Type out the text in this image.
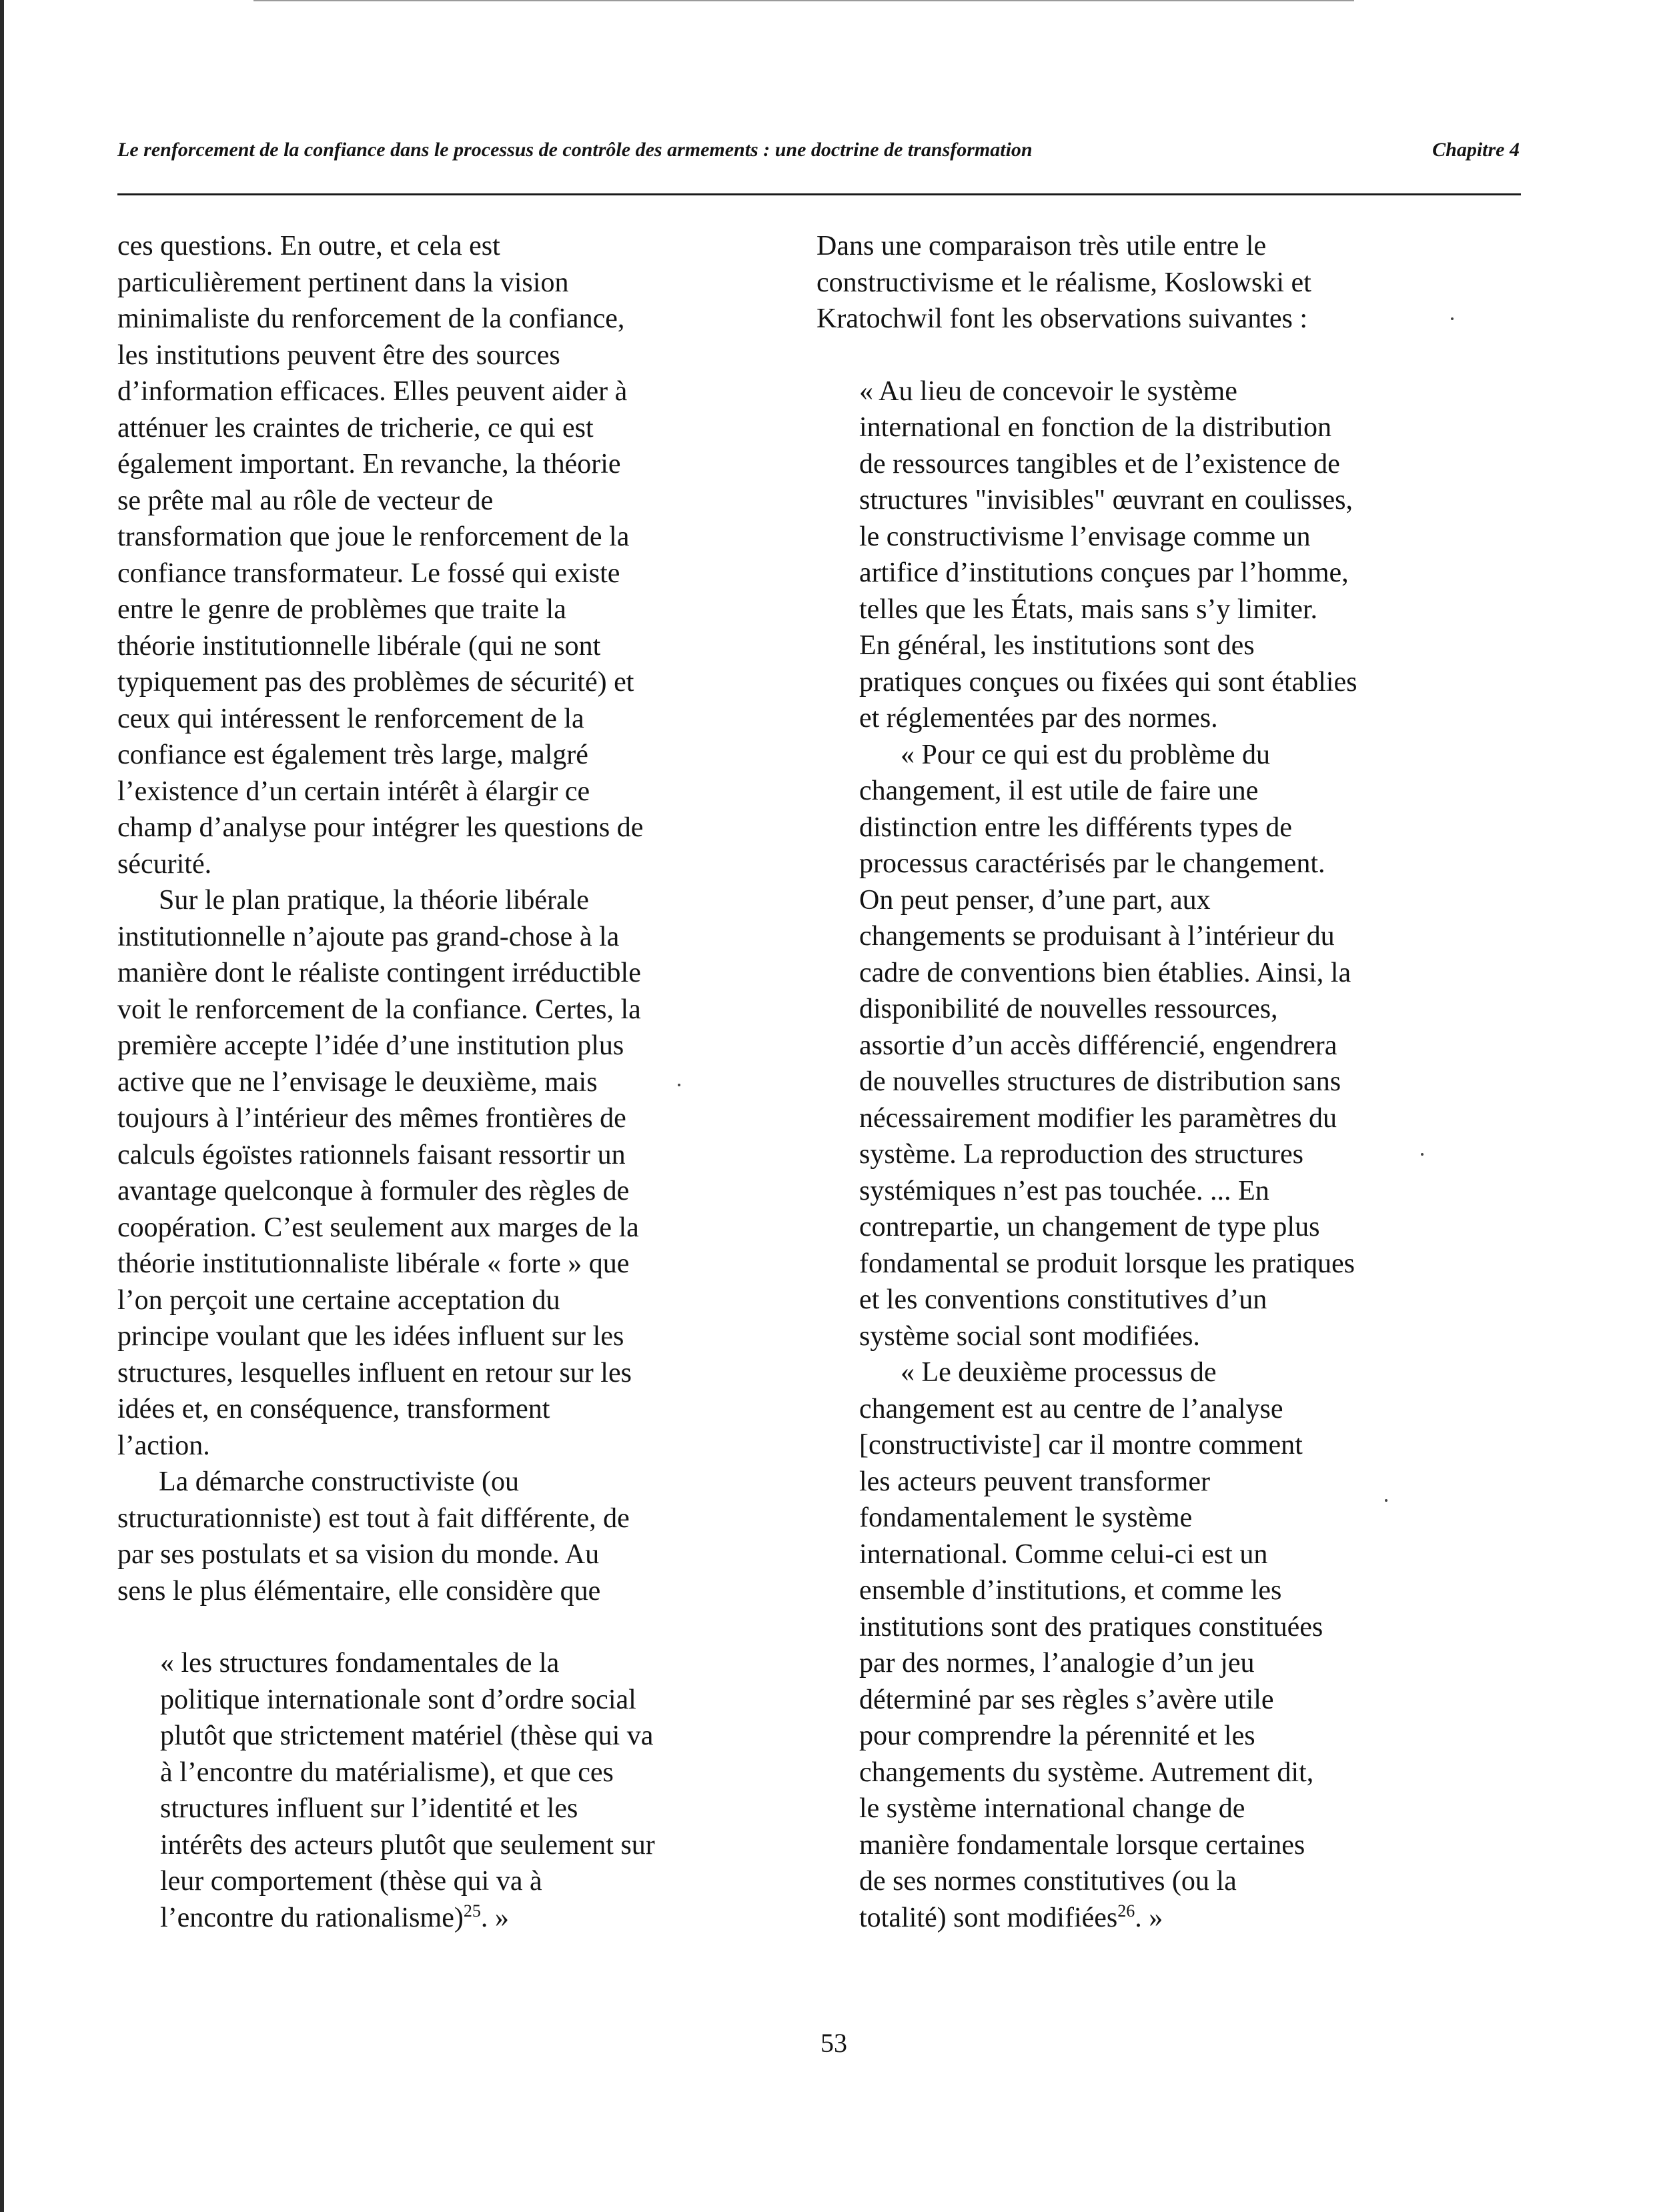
Le renforcement de la confiance dans le processus de contrôle des armements : une doctrine de transformation	Chapitre 4

ces questions. En outre, et cela est
particulièrement pertinent dans la vision
minimaliste du renforcement de la confiance,
les institutions peuvent être des sources
d’information efficaces. Elles peuvent aider à
atténuer les craintes de tricherie, ce qui est
également important. En revanche, la théorie
se prête mal au rôle de vecteur de
transformation que joue le renforcement de la
confiance transformateur. Le fossé qui existe
entre le genre de problèmes que traite la
théorie institutionnelle libérale (qui ne sont
typiquement pas des problèmes de sécurité) et
ceux qui intéressent le renforcement de la
confiance est également très large, malgré
l’existence d’un certain intérêt à élargir ce
champ d’analyse pour intégrer les questions de
sécurité.

Sur le plan pratique, la théorie libérale
institutionnelle n’ajoute pas grand-chose à la
manière dont le réaliste contingent irréductible
voit le renforcement de la confiance. Certes, la
première accepte l’idée d’une institution plus
active que ne l’envisage le deuxième, mais
toujours à l’intérieur des mêmes frontières de
calculs égoïstes rationnels faisant ressortir un
avantage quelconque à formuler des règles de
coopération. C’est seulement aux marges de la
théorie institutionnaliste libérale « forte » que
l’on perçoit une certaine acceptation du
principe voulant que les idées influent sur les
structures, lesquelles influent en retour sur les
idées et, en conséquence, transforment
l’action.

La démarche constructiviste (ou
structurationniste) est tout à fait différente, de
par ses postulats et sa vision du monde. Au
sens le plus élémentaire, elle considère que

« les structures fondamentales de la
politique internationale sont d’ordre social
plutôt que strictement matériel (thèse qui va
à l’encontre du matérialisme), et que ces
structures influent sur l’identité et les
intérêts des acteurs plutôt que seulement sur
leur comportement (thèse qui va à
l’encontre du rationalisme)$^{25}$. »

Dans une comparaison très utile entre le
constructivisme et le réalisme, Koslowski et
Kratochwil font les observations suivantes :

« Au lieu de concevoir le système
international en fonction de la distribution
de ressources tangibles et de l’existence de
structures "invisibles" œuvrant en coulisses,
le constructivisme l’envisage comme un
artifice d’institutions conçues par l’homme,
telles que les États, mais sans s’y limiter.
En général, les institutions sont des
pratiques conçues ou fixées qui sont établies
et réglementées par des normes.

« Pour ce qui est du problème du
changement, il est utile de faire une
distinction entre les différents types de
processus caractérisés par le changement.
On peut penser, d’une part, aux
changements se produisant à l’intérieur du
cadre de conventions bien établies. Ainsi, la
disponibilité de nouvelles ressources,
assortie d’un accès différencié, engendrera
de nouvelles structures de distribution sans
nécessairement modifier les paramètres du
système. La reproduction des structures
systémiques n’est pas touchée. ... En
contrepartie, un changement de type plus
fondamental se produit lorsque les pratiques
et les conventions constitutives d’un
système social sont modifiées.

« Le deuxième processus de
changement est au centre de l’analyse
[constructiviste] car il montre comment
les acteurs peuvent transformer
fondamentalement le système
international. Comme celui-ci est un
ensemble d’institutions, et comme les
institutions sont des pratiques constituées
par des normes, l’analogie d’un jeu
déterminé par ses règles s’avère utile
pour comprendre la pérennité et les
changements du système. Autrement dit,
le système international change de
manière fondamentale lorsque certaines
de ses normes constitutives (ou la
totalité) sont modifiées$^{26}$. »

53
